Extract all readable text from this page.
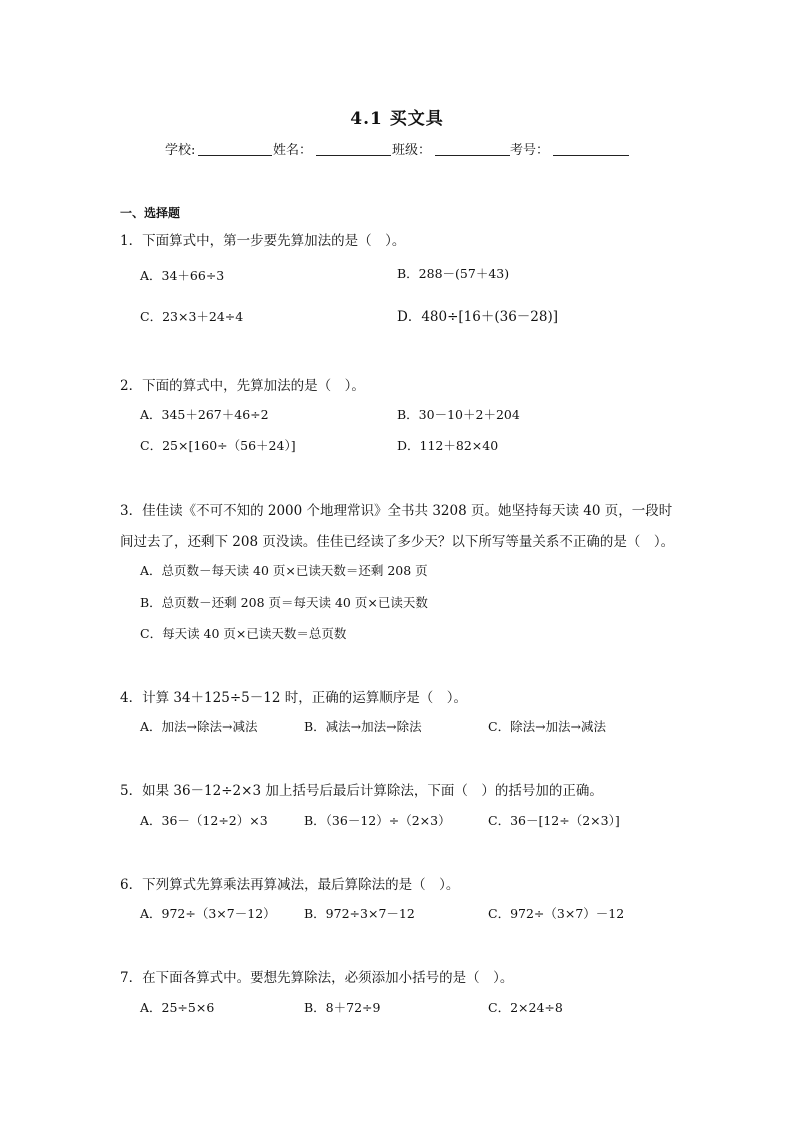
4.1 买文具
学校:	姓名：	班级：	考号：
一、选择题
1．下面算式中，第一步要先算加法的是（　）。
A．34＋66÷3	B．288－(57＋43)
C．23×3＋24÷4	D．480÷[16＋(36－28)]
2．下面的算式中，先算加法的是（　）。
A．345＋267＋46÷2	B．30－10＋2＋204
C．25×[160÷（56＋24）]	D．112＋82×40
3．佳佳读《不可不知的 2000 个地理常识》全书共 3208 页。她坚持每天读 40 页，一段时
间过去了，还剩下 208 页没读。佳佳已经读了多少天？以下所写等量关系不正确的是（　）。
A．总页数－每天读 40 页×已读天数＝还剩 208 页
B．总页数－还剩 208 页＝每天读 40 页×已读天数
C．每天读 40 页×已读天数＝总页数
4．计算 34＋125÷5－12 时，正确的运算顺序是（　）。
A．加法→除法→减法	B．减法→加法→除法	C．除法→加法→减法
5．如果 36－12÷2×3 加上括号后最后计算除法，下面（　）的括号加的正确。
A．36－（12÷2）×3	B．（36－12）÷（2×3）	C．36－[12÷（2×3）]
6．下列算式先算乘法再算减法，最后算除法的是（　）。
A．972÷（3×7－12） B．972÷3×7－12	C．972÷（3×7）－12
7．在下面各算式中。要想先算除法，必须添加小括号的是（　）。
A．25÷5×6	B．8＋72÷9	C．2×24÷8
